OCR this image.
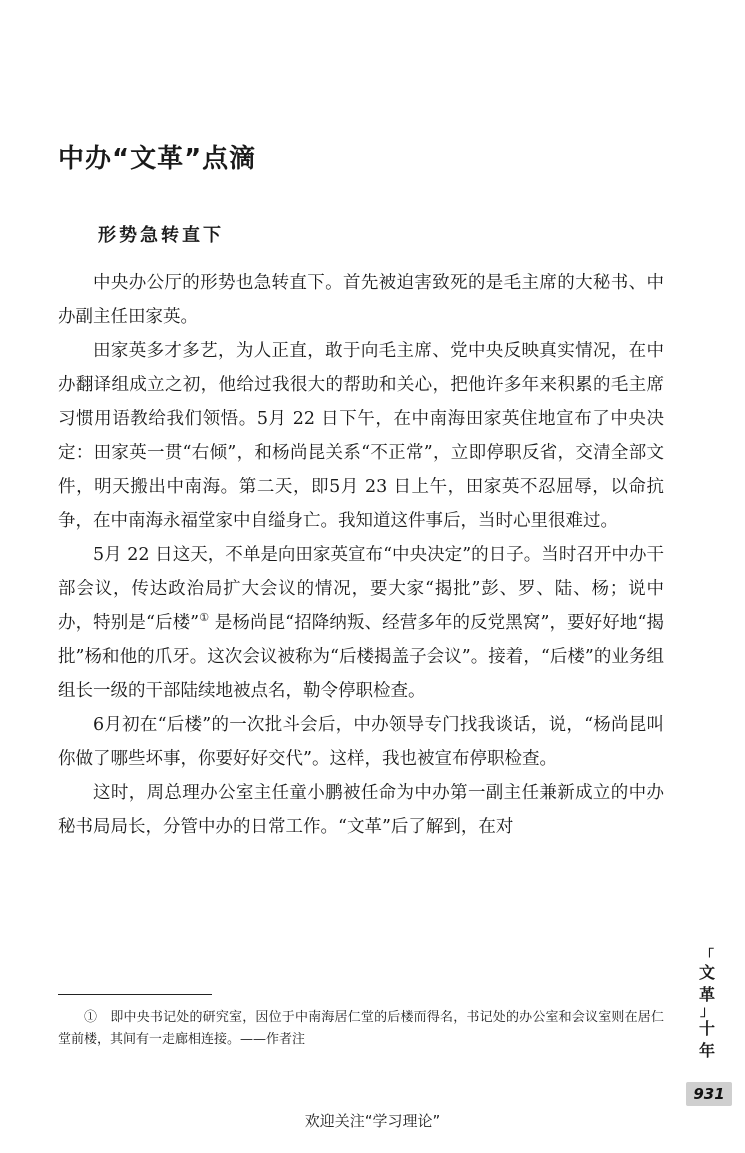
中办“文革”点滴
形势急转直下

中央办公厅的形势也急转直下。首先被迫害致死的是毛主席的大秘书、中办副主任田家英。

田家英多才多艺，为人正直，敢于向毛主席、党中央反映真实情况，在中办翻译组成立之初，他给过我很大的帮助和关心，把他许多年来积累的毛主席习惯用语教给我们领悟。5月 22 日下午，在中南海田家英住地宣布了中央决定：田家英一贯“右倾”，和杨尚昆关系“不正常”，立即停职反省，交清全部文件，明天搬出中南海。第二天，即5月 23 日上午，田家英不忍屈辱，以命抗争，在中南海永福堂家中自缢身亡。我知道这件事后，当时心里很难过。

5月 22 日这天，不单是向田家英宣布“中央决定”的日子。当时召开中办干部会议，传达政治局扩大会议的情况，要大家“揭批”彭、罗、陆、杨；说中办，特别是“后楼”① 是杨尚昆“招降纳叛、经营多年的反党黑窝”，要好好地“揭批”杨和他的爪牙。这次会议被称为“后楼揭盖子会议”。接着，“后楼”的业务组组长一级的干部陆续地被点名，勒令停职检查。

6月初在“后楼”的一次批斗会后，中办领导专门找我谈话，说，“杨尚昆叫你做了哪些坏事，你要好好交代”。这样，我也被宣布停职检查。

这时，周总理办公室主任童小鹏被任命为中办第一副主任兼新成立的中办秘书局局长，分管中办的日常工作。“文革”后了解到，在对

①　即中央书记处的研究室，因位于中南海居仁堂的后楼而得名，书记处的办公室和会议室则在居仁堂前楼，其间有一走廊相连接。——作者注

「
文
革
」
十
年
931
欢迎关注“学习理论”
